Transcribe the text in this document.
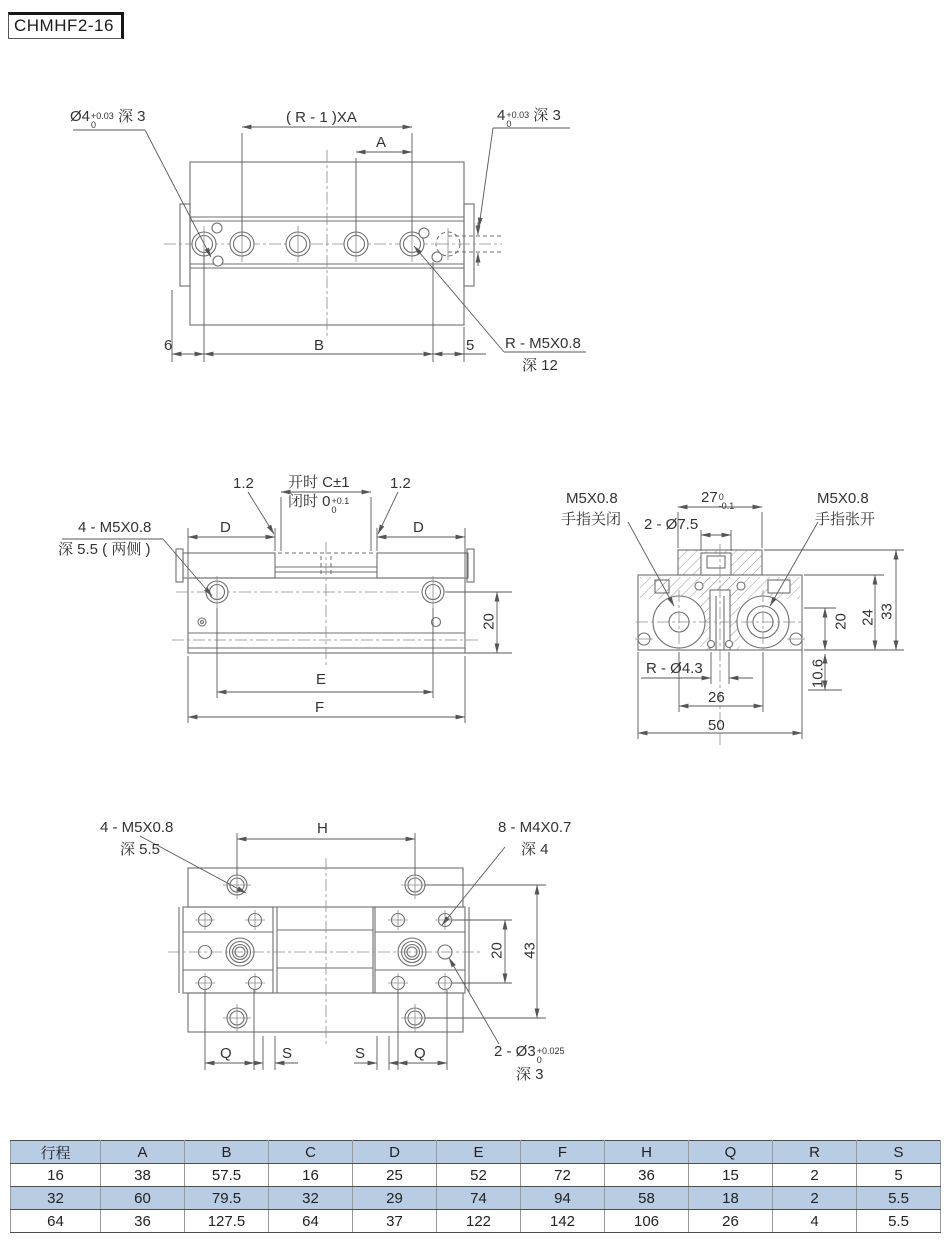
CHMHF2-16
Ø4 +0.03
0	深 3	( R - 1 )XA
A
4 +0.03
0	深 3
6	B	5 R - M5X0.8
深 12
1.2 开时 C±1
闭时 0 +0.1
0
1.2
4 - M5X0.8
深 5.5 ( 两侧 )
D	D
20
E
F
M5X0.8
手指关闭
27 0
-0.1	M5X0.8
手指张开
2 - Ø7.5
20 24 33
R - Ø4.3	10.6
26
50
4 - M5X0.8
深 5.5
H	8 - M4X0.7
深 4
20 43
Q	S	S	Q	2 - Ø3 +0.025
0
深 3
行程	A	B	C	D	E	F	H	Q	R	S
16	38	57.5	16	25	52	72	36	15	2	5
32	60	79.5	32	29	74	94	58	18	2	5.5
64	36	127.5	64	37	122	142	106	26	4	5.5
